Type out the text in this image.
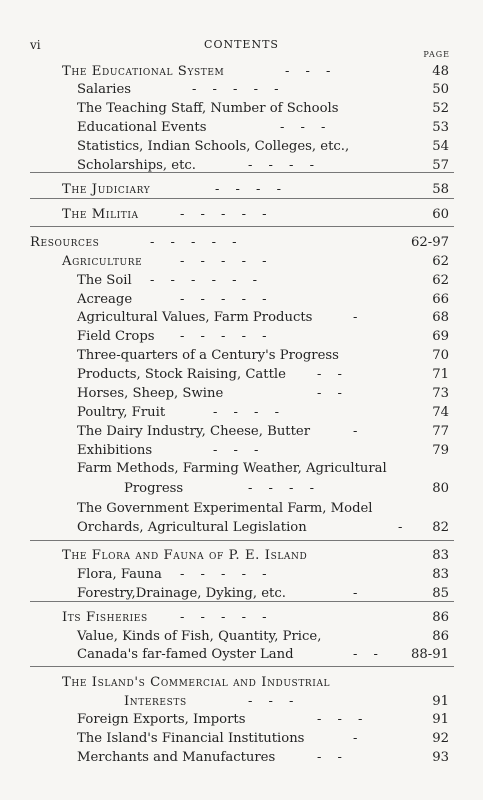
vi	CONTENTS
PAGE
The Educational System	- - -	48
Salaries	- - - - -	50
The Teaching Staff, Number of Schools	52
Educational Events	- - -	53
Statistics, Indian Schools, Colleges, etc.,	54
Scholarships, etc.	- - - -	57
The Judiciary	- - - -	58
The Militia	- - - - -	60
Resources	- - - - -	62-97
Agriculture	- - - - -	62
The Soil - - - - - -	62
Acreage	- - - - -	66
Agricultural Values, Farm Products	-	68
Field Crops - - - - -	69
Three-quarters of a Century's Progress	70
Products, Stock Raising, Cattle - -	71
Horses, Sheep, Swine	- -	73
Poultry, Fruit	- - - -	74
The Dairy Industry, Cheese, Butter	-	77
Exhibitions	- - -	79
Farm Methods, Farming Weather, Agricultural
Progress	- - - -	80
The Government Experimental Farm, Model
Orchards, Agricultural Legislation	- 82
The Flora and Fauna of P. E. Island	83
Flora, Fauna - - - - -	83
Forestry,Drainage, Dyking, etc.	-	85
Its Fisheries - - - - -	86
Value, Kinds of Fish, Quantity, Price,	86
Canada's far-famed Oyster Land	- - 88-91
The Island's Commercial and Industrial
Interests	- - -	91
Foreign Exports, Imports	- - -	91
The Island's Financial Institutions	-	92
Merchants and Manufactures	- -	93
